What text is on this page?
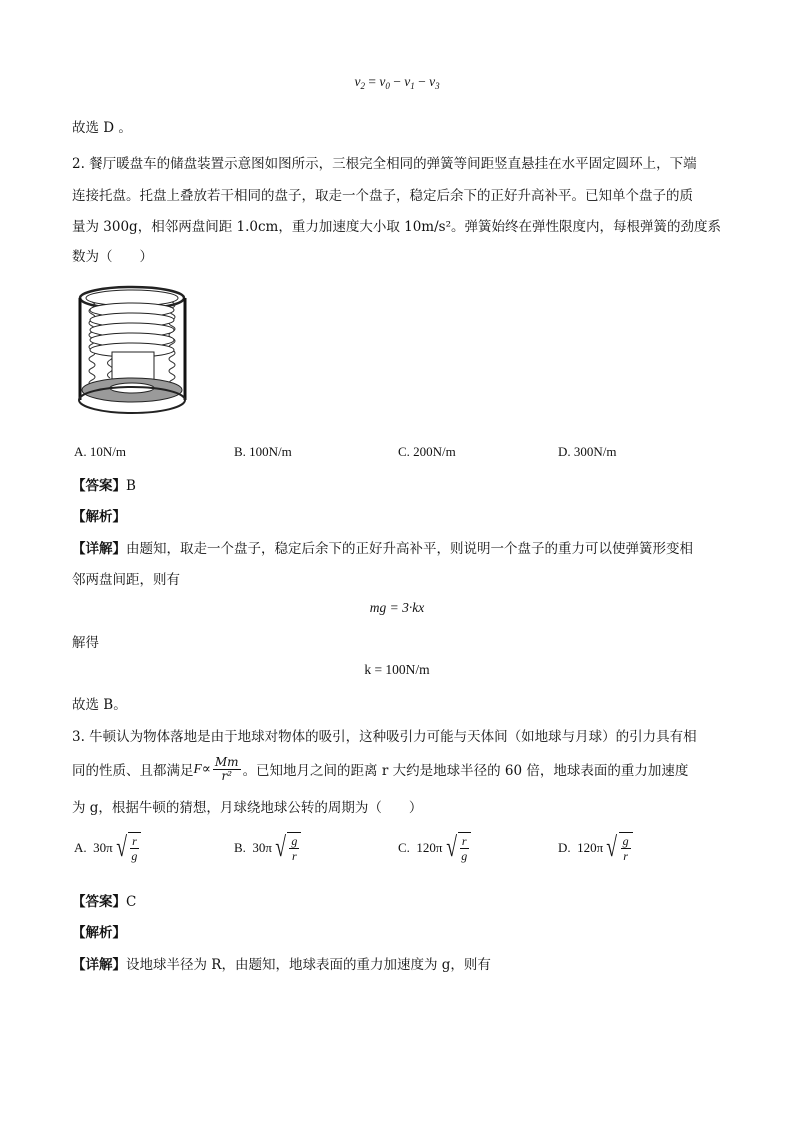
$v_2 = v_0 - v_1 - v_3$
故选 D 。
2. 餐厅暖盘车的储盘装置示意图如图所示，三根完全相同的弹簧等间距竖直悬挂在水平固定圆环上，下端
连接托盘。托盘上叠放若干相同的盘子，取走一个盘子，稳定后余下的正好升高补平。已知单个盘子的质
量为 300g，相邻两盘间距 1.0cm，重力加速度大小取 10m/s²。弹簧始终在弹性限度内，每根弹簧的劲度系
数为（　　）
A. 10N/m	B. 100N/m	C. 200N/m	D. 300N/m
【答案】B
【解析】
【详解】由题知，取走一个盘子，稳定后余下的正好升高补平，则说明一个盘子的重力可以使弹簧形变相
邻两盘间距，则有
mg = 3·kx
解得
k = 100N/m
故选 B。
3. 牛顿认为物体落地是由于地球对物体的吸引，这种吸引力可能与天体间（如地球与月球）的引力具有相
同的性质、且都满足 $F \propto \frac{Mm}{\text{r²}}$ 。已知地月之间的距离 r 大约是地球半径的 60 倍，地球表面的重力加速度
为 g，根据牛顿的猜想，月球绕地球公转的周期为（　　）
A.
30π √ $\frac{r}{g}$	B.
30π √ $\frac{g}{r}$	C.
120π √ $\frac{r}{g}$	D.
120π √ $\frac{g}{r}$
【答案】C
【解析】
【详解】设地球半径为 R，由题知，地球表面的重力加速度为 g，则有
